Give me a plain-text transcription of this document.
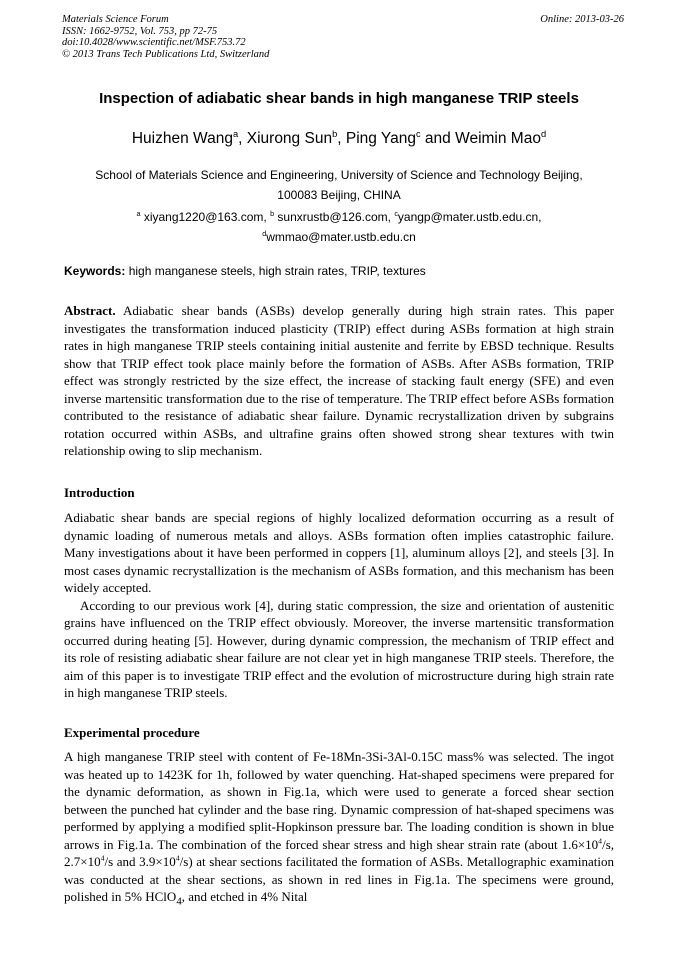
Materials Science Forum
ISSN: 1662-9752, Vol. 753, pp 72-75
doi:10.4028/www.scientific.net/MSF.753.72
© 2013 Trans Tech Publications Ltd, Switzerland
Online: 2013-03-26
Inspection of adiabatic shear bands in high manganese TRIP steels
Huizhen Wang$^a$, Xiurong Sun$^b$, Ping Yang$^c$ and Weimin Mao$^d$
School of Materials Science and Engineering, University of Science and Technology Beijing,
100083 Beijing, CHINA
$^a$ xiyang1220@163.com, $^b$ sunxrustb@126.com, $^c$yangp@mater.ustb.edu.cn,
$^d$wmmao@mater.ustb.edu.cn
Keywords: high manganese steels, high strain rates, TRIP, textures
Abstract. Adiabatic shear bands (ASBs) develop generally during high strain rates. This paper investigates the transformation induced plasticity (TRIP) effect during ASBs formation at high strain rates in high manganese TRIP steels containing initial austenite and ferrite by EBSD technique. Results show that TRIP effect took place mainly before the formation of ASBs. After ASBs formation, TRIP effect was strongly restricted by the size effect, the increase of stacking fault energy (SFE) and even inverse martensitic transformation due to the rise of temperature. The TRIP effect before ASBs formation contributed to the resistance of adiabatic shear failure. Dynamic recrystallization driven by subgrains rotation occurred within ASBs, and ultrafine grains often showed strong shear textures with twin relationship owing to slip mechanism.
Introduction
Adiabatic shear bands are special regions of highly localized deformation occurring as a result of dynamic loading of numerous metals and alloys. ASBs formation often implies catastrophic failure. Many investigations about it have been performed in coppers [1], aluminum alloys [2], and steels [3]. In most cases dynamic recrystallization is the mechanism of ASBs formation, and this mechanism has been widely accepted.
According to our previous work [4], during static compression, the size and orientation of austenitic grains have influenced on the TRIP effect obviously. Moreover, the inverse martensitic transformation occurred during heating [5]. However, during dynamic compression, the mechanism of TRIP effect and its role of resisting adiabatic shear failure are not clear yet in high manganese TRIP steels. Therefore, the aim of this paper is to investigate TRIP effect and the evolution of microstructure during high strain rate in high manganese TRIP steels.
Experimental procedure
A high manganese TRIP steel with content of Fe-18Mn-3Si-3Al-0.15C mass% was selected. The ingot was heated up to 1423K for 1h, followed by water quenching. Hat-shaped specimens were prepared for the dynamic deformation, as shown in Fig.1a, which were used to generate a forced shear section between the punched hat cylinder and the base ring. Dynamic compression of hat-shaped specimens was performed by applying a modified split-Hopkinson pressure bar. The loading condition is shown in blue arrows in Fig.1a. The combination of the forced shear stress and high shear strain rate (about $1.6\times 10^4/s$, $2.7\times 10^4/s$ and $3.9\times 10^4/s$) at shear sections facilitated the formation of ASBs. Metallographic examination was conducted at the shear sections, as shown in red lines in Fig.1a. The specimens were ground, polished in 5% HClO$_4$, and etched in 4% Nital
